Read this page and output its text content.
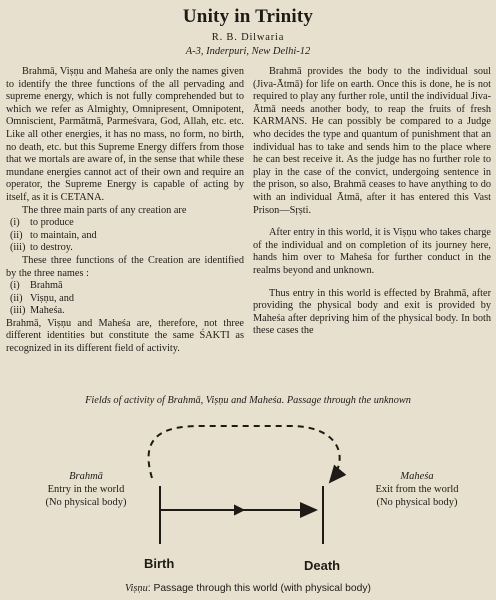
Unity in Trinity
R. B. Dilwaria
A-3, Inderpuri, New Delhi-12

Brahmā, Viṣṇu and Maheśa are only the names given to identify the three functions of the all pervading and supreme energy, which is not fully comprehended but to which we refer as Almighty, Omnipresent, Omnipotent, Omniscient, Parmātmā, Parmeśvara, God, Allah, etc. etc. Like all other energies, it has no mass, no form, no birth, no death, etc. but this Supreme Energy differs from those that we mortals are aware of, in the sense that while these mundane energies cannot act of their own and require an operator, the Supreme Energy is capable of acting by itself, as it is CETANA.

The three main parts of any creation are

(i) to produce
(ii) to maintain, and
(iii) to destroy.

These three functions of the Creation are identified by the three names :

(i) Brahmā
(ii) Viṣṇu, and
(iii) Maheśa.

Brahmā, Viṣṇu and Maheśa are, therefore, not three different identities but constitute the same ŚAKTI as recognized in its different field of activity.

Brahmā provides the body to the individual soul (Jiva-Ātmā) for life on earth. Once this is done, he is not required to play any further role, until the individual Jiva-Ātmā needs another body, to reap the fruits of fresh KARMANS. He can possibly be compared to a Judge who decides the type and quantum of punishment that an individual has to take and sends him to the place where he can best receive it. As the judge has no further role to play in the case of the convict, undergoing sentence in the prison, so also, Brahmā ceases to have anything to do with an individual Ātmā, after it has entered this Vast Prison—Sṛṣti.

After entry in this world, it is Viṣṇu who takes charge of the individual and on completion of its journey here, hands him over to Maheśa for further conduct in the realms beyond and unknown.

Thus entry in this world is effected by Brahmā, after providing the physical body and exit is provided by Maheśa after depriving him of the physical body. In both these cases the

Fields of activity of Brahmā, Viṣṇu and Maheśa. Passage through the unknown
Brahmā
Entry in the world
(No physical body)
Maheśa
Exit from the world
(No physical body)
Birth	Death
Viṣṇu: Passage through this world (with physical body)
